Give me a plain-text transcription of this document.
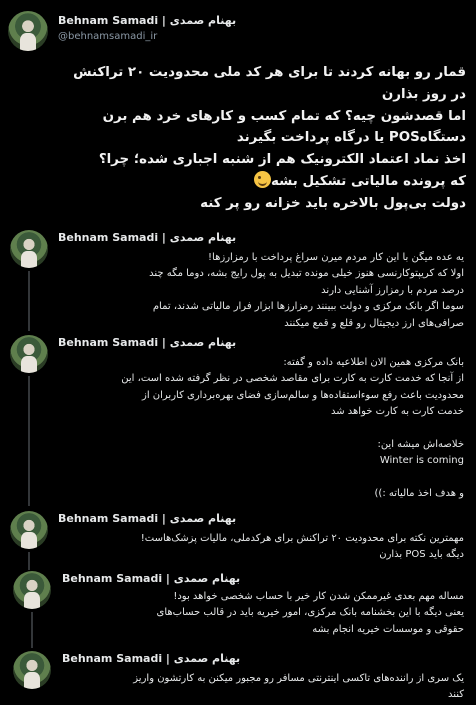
Behnam Samadi | بهنام صمدی
@behnamsamadi_ir
قمار رو بهانه کردند تا برای هر کد ملی محدودیت ۲۰ تراکنش
در روز بذارن
اما قصدشون چیه؟ که تمام کسب و کارهای خرد هم برن
دستگاهPOS یا درگاه پرداخت بگیرند
اخذ نماد اعتماد الکترونیک هم از شنبه اجباری شده؛ چرا؟
که پرونده مالیاتی تشکیل بشه
دولت بی‌پول بالاخره باید خزانه رو پر کنه
Behnam Samadi | بهنام صمدی
یه عده میگن با این کار مردم میرن سراغ پرداخت با رمزارزها!
اولا که کریپتوکارنسی هنوز خیلی مونده تبدیل به پول رایج بشه، دوما مگه چند
درصد مردم با رمزارز آشنایی دارند
سوما اگر بانک مرکزی و دولت ببینند رمزارزها ابزار فرار مالیاتی شدند، تمام
صرافی‌های ارز دیجیتال رو قلع و قمع میکنند
Behnam Samadi | بهنام صمدی
بانک مرکزی همین الان اطلاعیه داده و گفته:
از آنجا که خدمت کارت به کارت برای مقاصد شخصی در نظر گرفته شده است، این
محدودیت باعث رفع سوءاستفاده‌ها و سالم‌سازی فضای بهره‌برداری کاربران از
خدمت کارت به کارت خواهد شد

خلاصه‌اش میشه این:
Winter is coming

و هدف اخذ مالیاته :))
Behnam Samadi | بهنام صمدی
مهمترین نکته برای محدودیت ۲۰ تراکنش برای هرکدملی، مالیات پزشک‌هاست!
دیگه باید POS بذارن
Behnam Samadi | بهنام صمدی
مساله مهم بعدی غیرممکن شدن کار خیر با حساب شخصی خواهد بود!
یعنی دیگه با این بخشنامه بانک مرکزی، امور خیریه باید در قالب حساب‌های
حقوقی و موسسات خیریه انجام بشه
Behnam Samadi | بهنام صمدی
یک سری از راننده‌های تاکسی اینترنتی مسافر رو مجبور میکنن به کارتشون واریز
کنند
